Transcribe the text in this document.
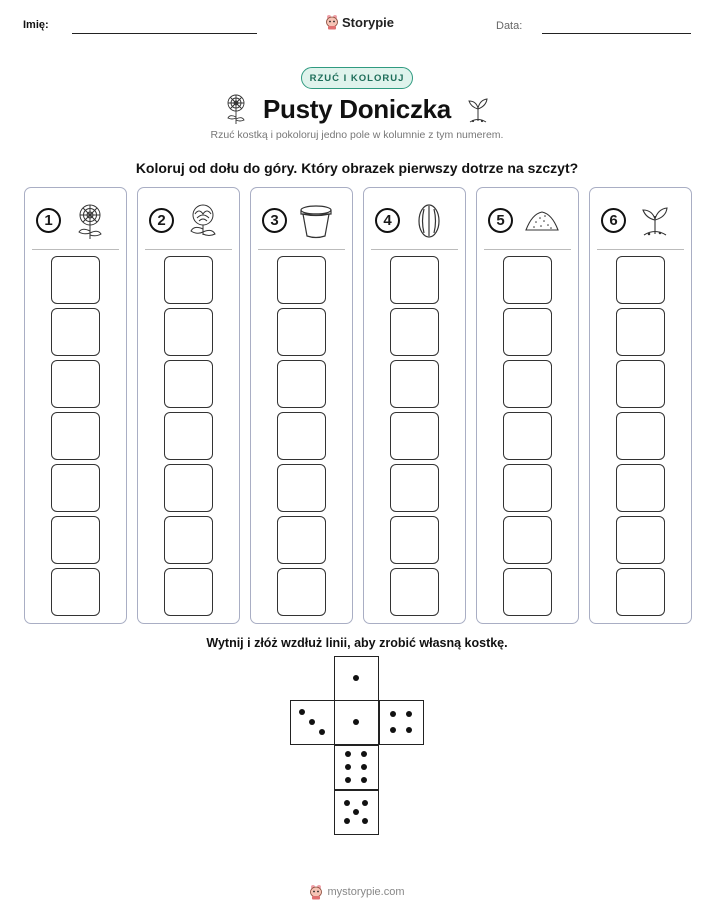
Imię:	Storypie	Data:
RZUĆ I KOLORUJ
Pusty Doniczka
Rzuć kostką i pokoloruj jedno pole w kolumnie z tym numerem.
Koloruj od dołu do góry. Który obrazek pierwszy dotrze na szczyt?
1	2	3	4	5	6
Wytnij i złóż wzdłuż linii, aby zrobić własną kostkę.
mystorypie.com
